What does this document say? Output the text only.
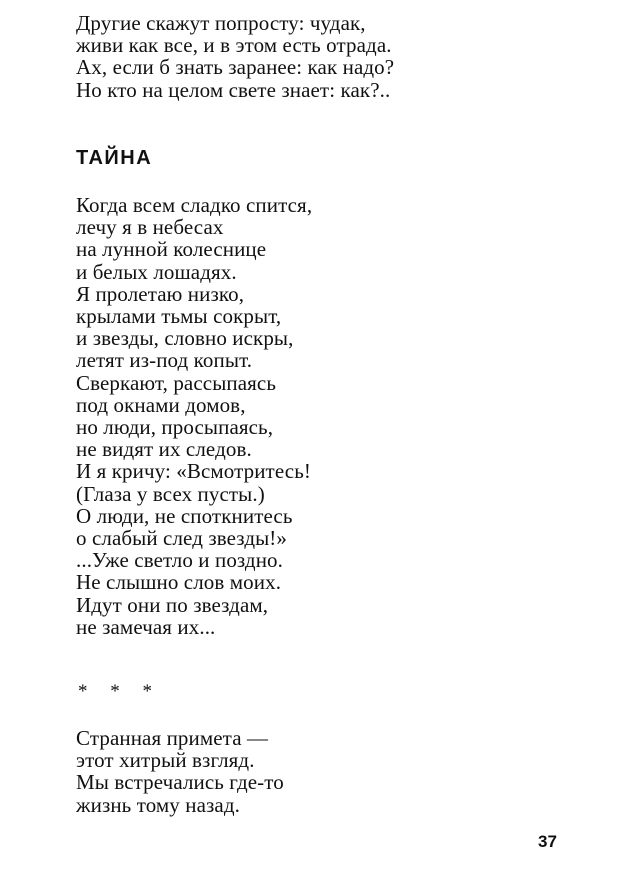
Другие скажут попросту: чудак,
живи как все, и в этом есть отрада.
Ах, если б знать заранее: как надо?
Но кто на целом свете знает: как?..
ТАЙНА
Когда всем сладко спится,
лечу я в небесах
на лунной колеснице
и белых лошадях.
Я пролетаю низко,
крылами тьмы сокрыт,
и звезды, словно искры,
летят из-под копыт.
Сверкают, рассыпаясь
под окнами домов,
но люди, просыпаясь,
не видят их следов.
И я кричу: «Всмотритесь!
(Глаза у всех пусты.)
О люди, не споткнитесь
о слабый след звезды!»
...Уже светло и поздно.
Не слышно слов моих.
Идут они по звездам,
не замечая их...
* * *
Странная примета —
этот хитрый взгляд.
Мы встречались где-то
жизнь тому назад.
37
